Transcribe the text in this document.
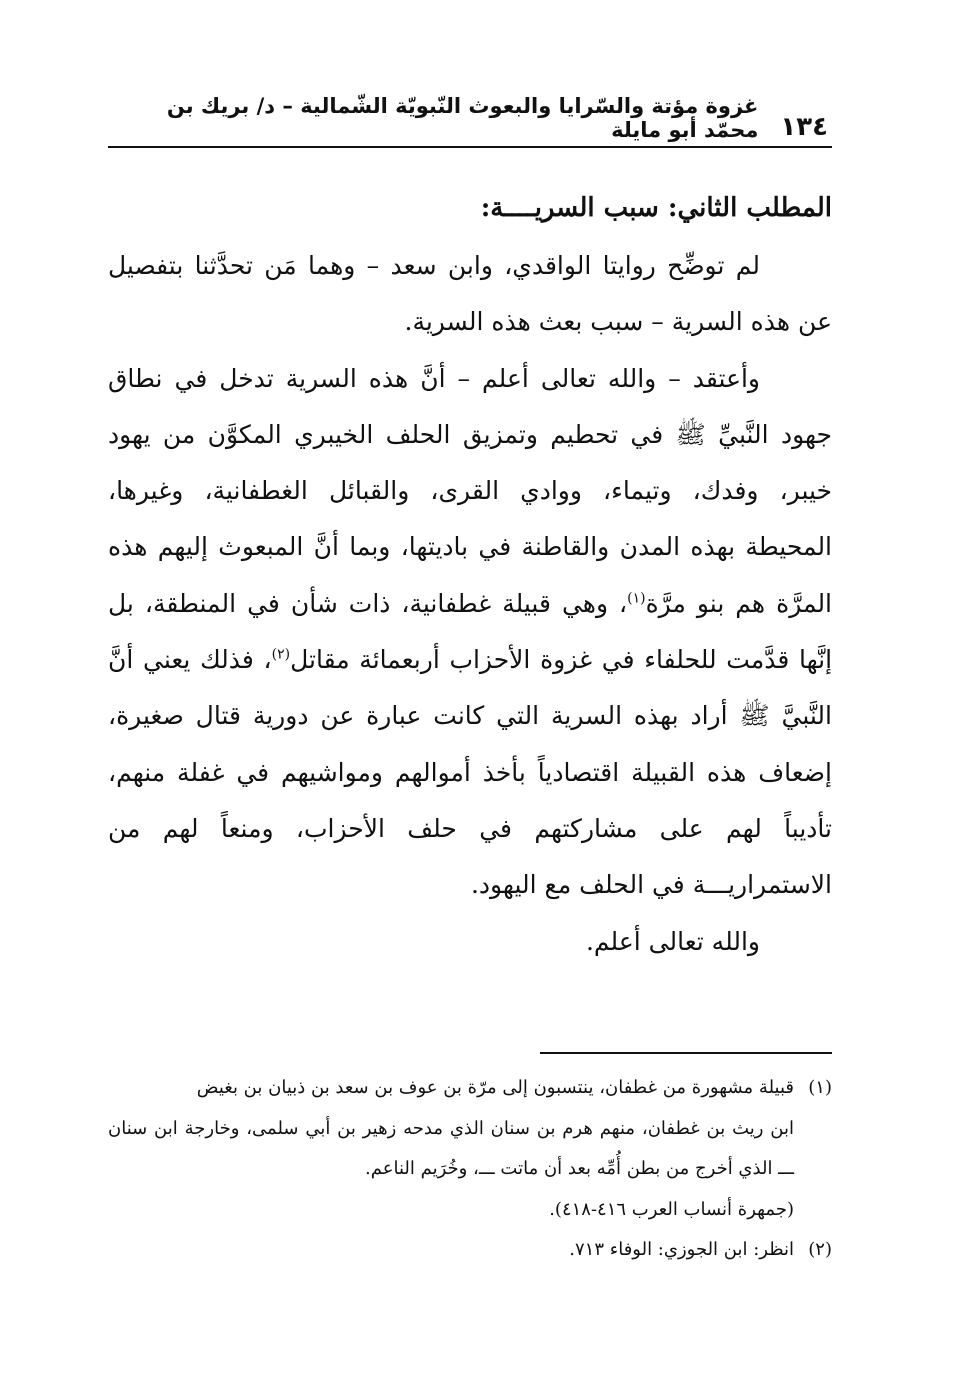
١٣٤
غزوة مؤتة والسّرايا والبعوث النّبويّة الشّمالية – د/ بريك بن محمّد أبو مايلة
المطلب الثاني: سبب السريــــة:

لم توضِّح روايتا الواقدي، وابن سعد – وهما مَن تحدَّثنا بتفصيل عن هذه السرية – سبب بعث هذه السرية.

وأعتقد – والله تعالى أعلم – أنَّ هذه السرية تدخل في نطاق جهود النَّبيِّ ﷺ في تحطيم وتمزيق الحلف الخيبري المكوَّن من يهود خيبر، وفدك، وتيماء، ووادي القرى، والقبائل الغطفانية، وغيرها، المحيطة بهذه المدن والقاطنة في باديتها، وبما أنَّ المبعوث إليهم هذه المرَّة هم بنو مرَّة$^{(١)}$، وهي قبيلة غطفانية، ذات شأن في المنطقة، بل إنَّها قدَّمت للحلفاء في غزوة الأحزاب أربعمائة مقاتل$^{(٢)}$، فذلك يعني أنَّ النَّبيَّ ﷺ أراد بهذه السرية التي كانت عبارة عن دورية قتال صغيرة، إضعاف هذه القبيلة اقتصادياً بأخذ أموالهم ومواشيهم في غفلة منهم، تأديباً لهم على مشاركتهم في حلف الأحزاب، ومنعاً لهم من الاستمراريـــة في الحلف مع اليهود.

والله تعالى أعلم.

(١)قبيلة مشهورة من غطفان، ينتسبون إلى مرّة بن عوف بن سعد بن ذبيان بن بغيض

ابن ريث بن غطفان، منهم هرم بن سنان الذي مدحه زهير بن أبي سلمى، وخارجة ابن سنان ـــ الذي أخرج من بطن أُمِّه بعد أن ماتت ـــ، وخُرَيم الناعم.

(جمهرة أنساب العرب ٤١٦-٤١٨).

(٢)انظر: ابن الجوزي: الوفاء ٧١٣.
